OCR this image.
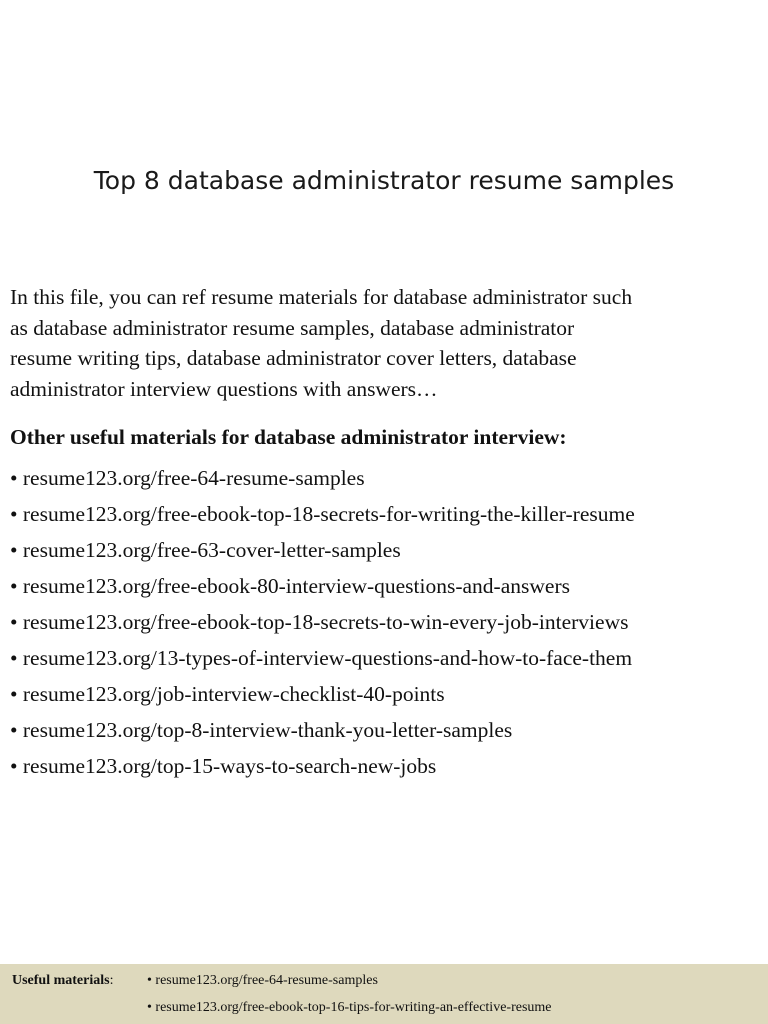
Top 8 database administrator resume samples
In this file, you can ref resume materials for database administrator such
as database administrator resume samples, database administrator
resume writing tips, database administrator cover letters, database
administrator interview questions with answers…
Other useful materials for database administrator interview:
• resume123.org/free-64-resume-samples
• resume123.org/free-ebook-top-18-secrets-for-writing-the-killer-resume
• resume123.org/free-63-cover-letter-samples
• resume123.org/free-ebook-80-interview-questions-and-answers
• resume123.org/free-ebook-top-18-secrets-to-win-every-job-interviews
• resume123.org/13-types-of-interview-questions-and-how-to-face-them
• resume123.org/job-interview-checklist-40-points
• resume123.org/top-8-interview-thank-you-letter-samples
• resume123.org/top-15-ways-to-search-new-jobs
Useful materials: • resume123.org/free-64-resume-samples
• resume123.org/free-ebook-top-16-tips-for-writing-an-effective-resume
